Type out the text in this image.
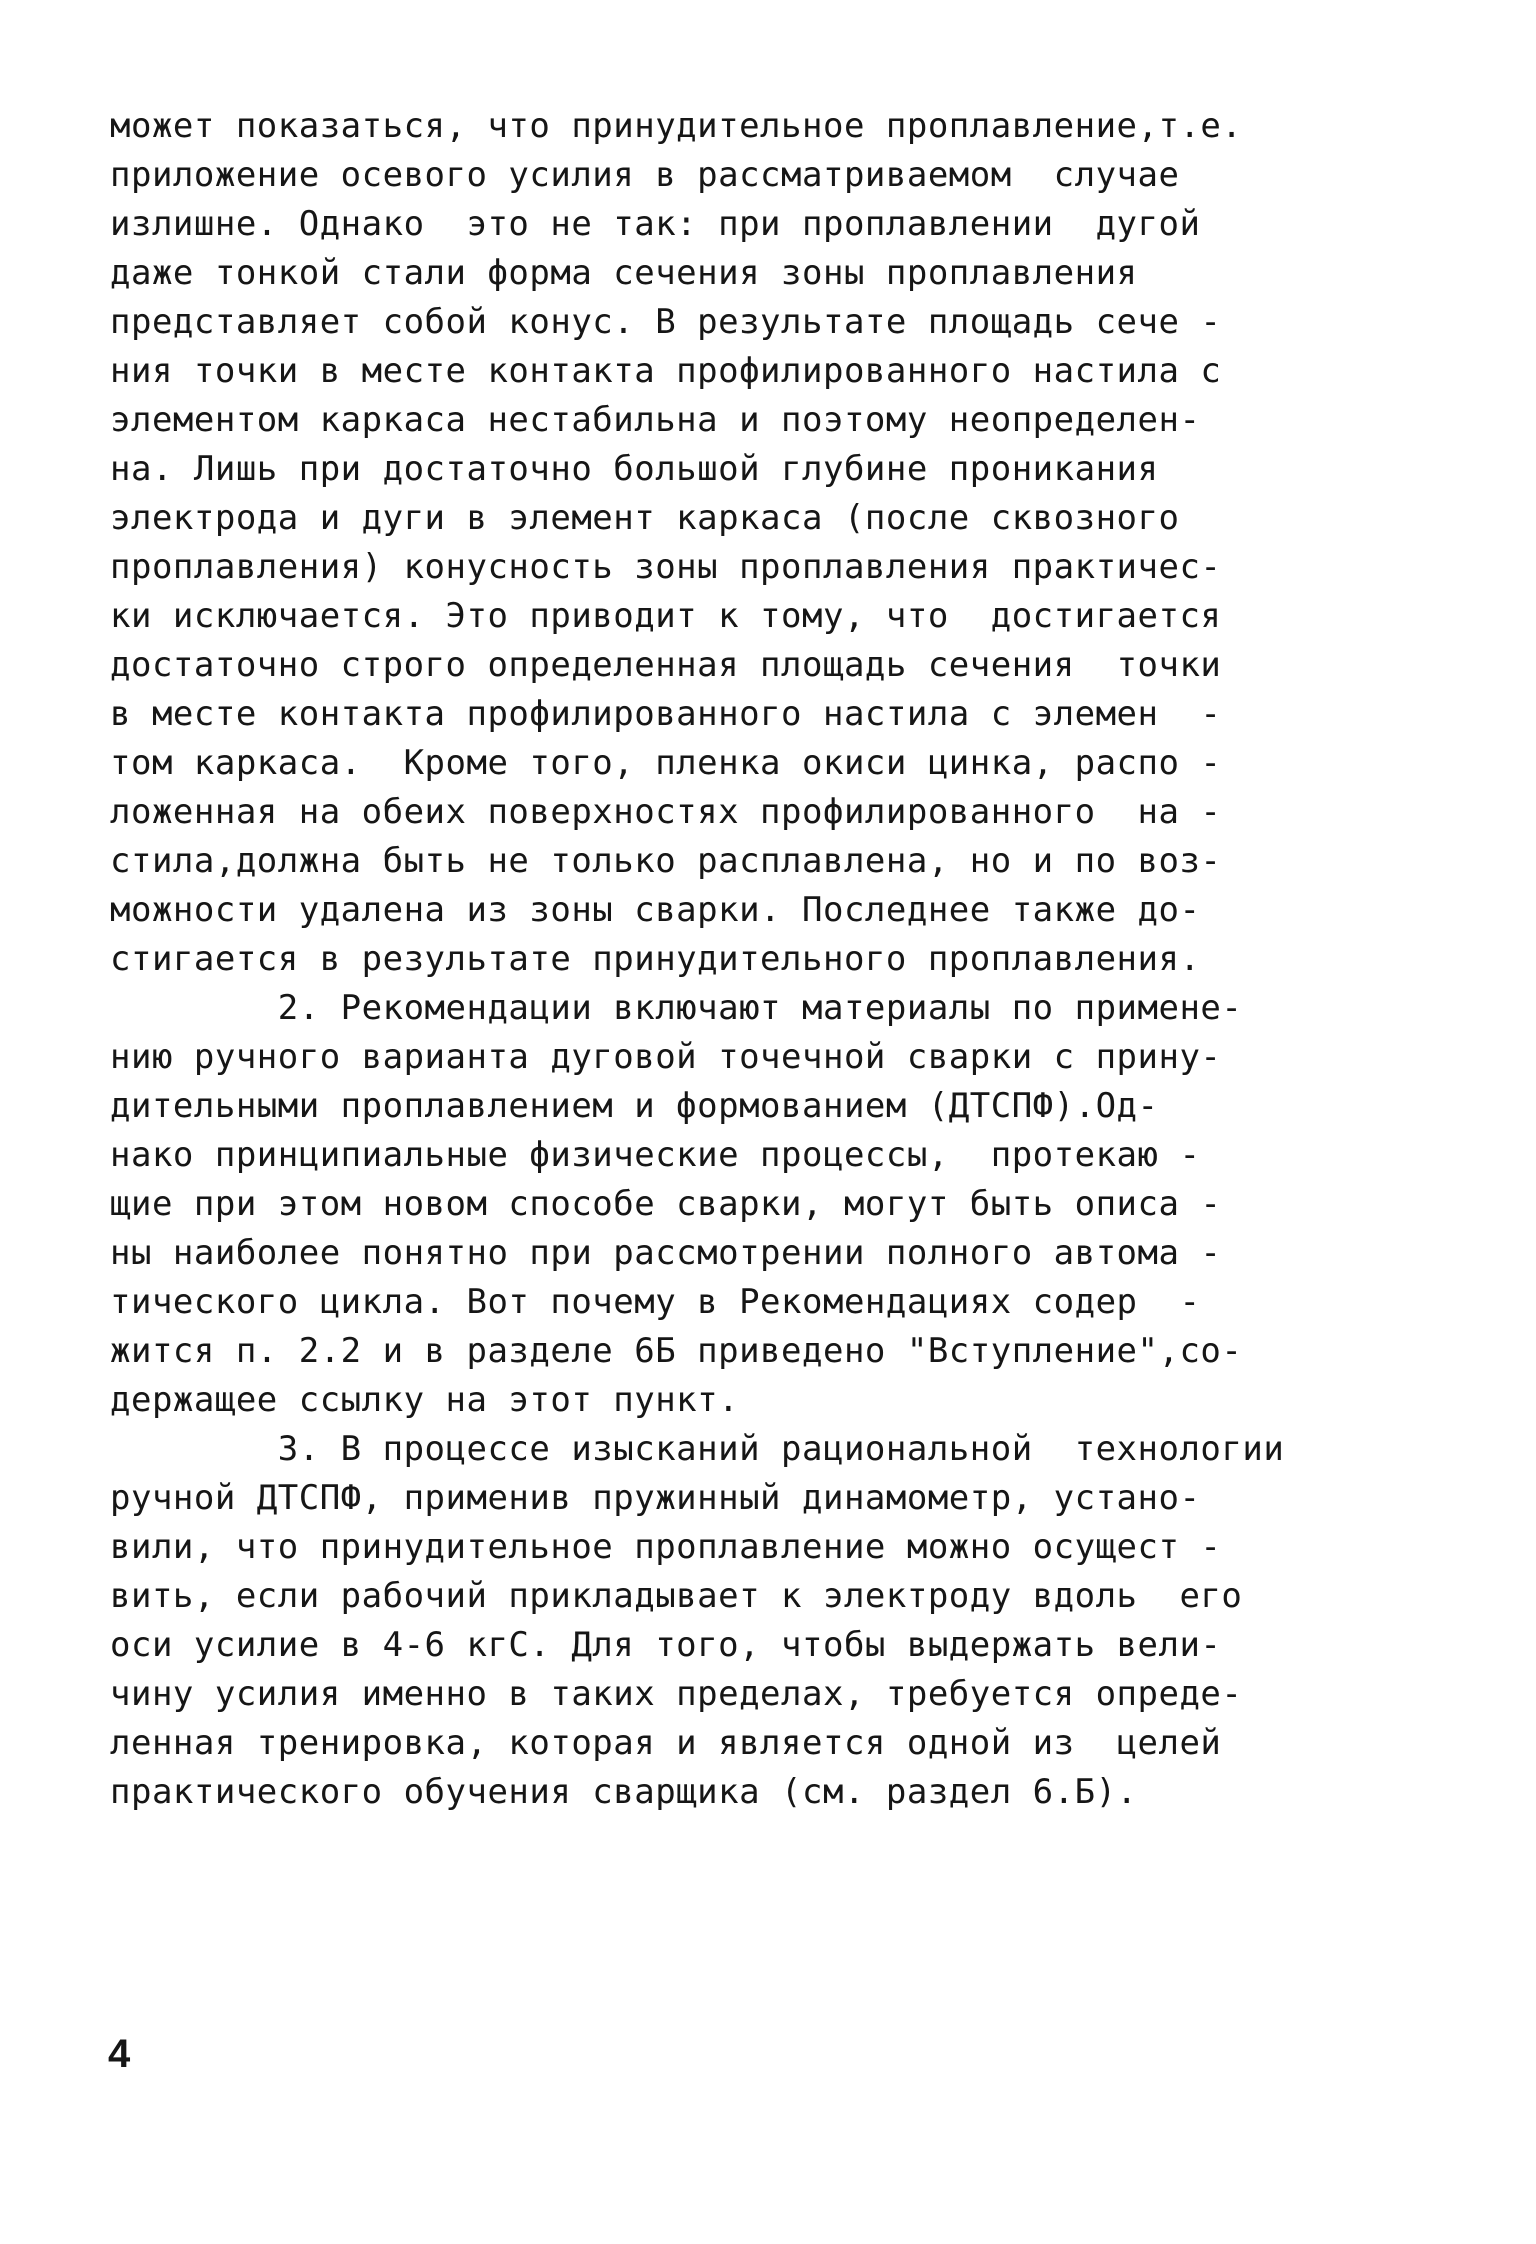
может показаться, что принудительное проплавление,т.е.
приложение осевого усилия в рассматриваемом  случае
излишне. Однако  это не так: при проплавлении  дугой
даже тонкой стали форма сечения зоны проплавления
представляет собой конус. В результате площадь сече -
ния точки в месте контакта профилированного настила с
элементом каркаса нестабильна и поэтому неопределен-
на. Лишь при достаточно большой глубине проникания
электрода и дуги в элемент каркаса (после сквозного
проплавления) конусность зоны проплавления практичес-
ки исключается. Это приводит к тому, что  достигается
достаточно строго определенная площадь сечения  точки
в месте контакта профилированного настила с элемен  -
том каркаса.  Кроме того, пленка окиси цинка, распо -
ложенная на обеих поверхностях профилированного  на -
стила,должна быть не только расплавлена, но и по воз-
можности удалена из зоны сварки. Последнее также до-
стигается в результате принудительного проплавления.
2. Рекомендации включают материалы по примене-
нию ручного варианта дуговой точечной сварки с прину-
дительными проплавлением и формованием (ДТСПФ).Од-
нако принципиальные физические процессы,  протекаю -
щие при этом новом способе сварки, могут быть описа -
ны наиболее понятно при рассмотрении полного автома -
тического цикла. Вот почему в Рекомендациях содер  -
жится п. 2.2 и в разделе 6Б приведено "Вступление",со-
держащее ссылку на этот пункт.
3. В процессе изысканий рациональной  технологии
ручной ДТСПФ, применив пружинный динамометр, устано-
вили, что принудительное проплавление можно осущест -
вить, если рабочий прикладывает к электроду вдоль  его
оси усилие в 4-6 кгС. Для того, чтобы выдержать вели-
чину усилия именно в таких пределах, требуется опреде-
ленная тренировка, которая и является одной из  целей
практического обучения сварщика (см. раздел 6.Б).
4
